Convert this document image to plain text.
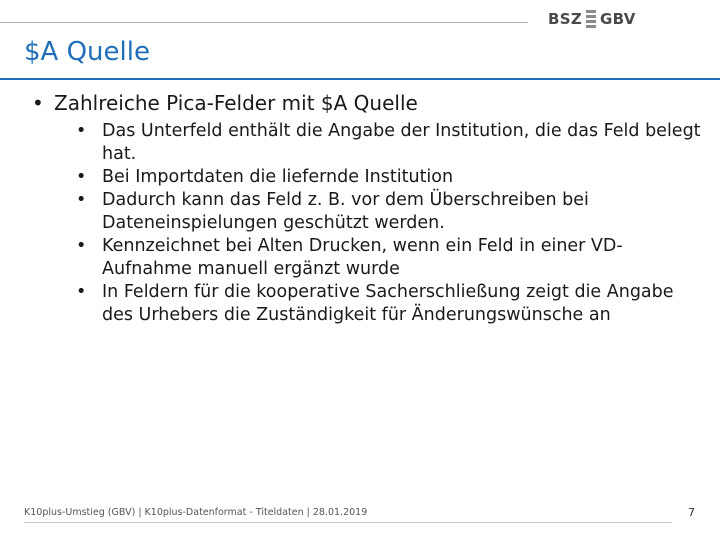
BSZ GBV
$A Quelle
• Zahlreiche Pica-Felder mit $A Quelle
• Das Unterfeld enthält die Angabe der Institution, die das Feld belegt hat.
• Bei Importdaten die liefernde Institution
• Dadurch kann das Feld z. B. vor dem Überschreiben bei Dateneinspielungen geschützt werden.
• Kennzeichnet bei Alten Drucken, wenn ein Feld in einer VD-Aufnahme manuell ergänzt wurde
• In Feldern für die kooperative Sacherschließung zeigt die Angabe des Urhebers die Zuständigkeit für Änderungswünsche an
K10plus-Umstieg (GBV) | K10plus-Datenformat - Titeldaten | 28.01.2019	7
